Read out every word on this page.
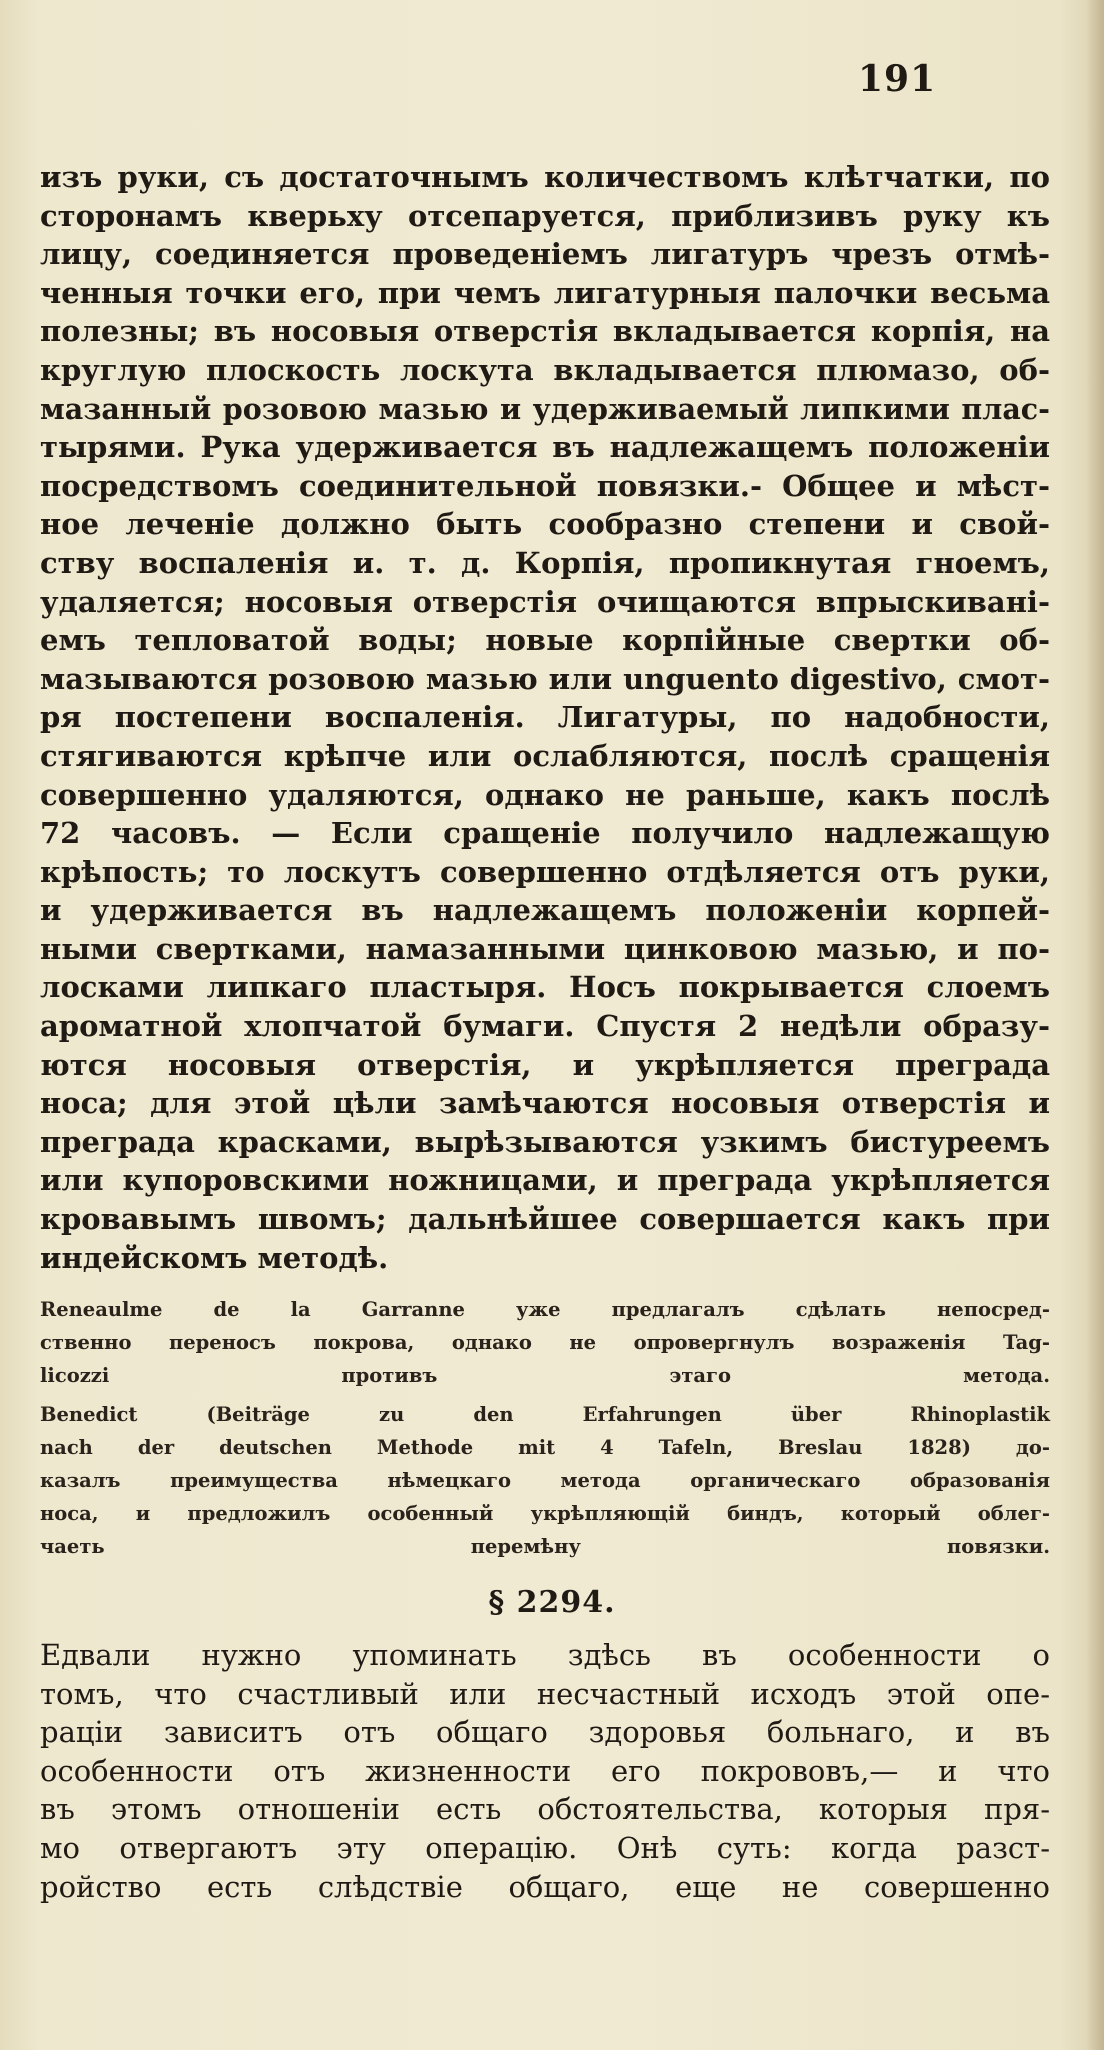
191
изъ руки, съ достаточнымъ количествомъ клѣтчатки, по
сторонамъ кверьху отсепаруется, приблизивъ руку къ
лицу, соединяется проведеніемъ лигатуръ чрезъ отмѣ-
ченныя точки его, при чемъ лигатурныя палочки весьма
полезны; въ носовыя отверстія вкладывается корпія, на
круглую плоскость лоскута вкладывается плюмазо, об-
мазанный розовою мазью и удерживаемый липкими плас-
тырями. Рука удерживается въ надлежащемъ положеніи
посредствомъ соединительной повязки.- Общее и мѣст-
ное леченіе должно быть сообразно степени и свой-
ству воспаленія и. т. д. Корпія, пропикнутая гноемъ,
удаляется; носовыя отверстія очищаются впрыскивані-
емъ тепловатой воды; новые корпійные свертки об-
мазываются розовою мазью или unguento digestivo, смот-
ря постепени воспаленія. Лигатуры, по надобности,
стягиваются крѣпче или ослабляются, послѣ сращенія
совершенно удаляются, однако не раньше, какъ послѣ
72 часовъ. — Если сращеніе получило надлежащую
крѣпость; то лоскутъ совершенно отдѣляется отъ руки,
и удерживается въ надлежащемъ положеніи корпей-
ными свертками, намазанными цинковою мазью, и по-
лосками липкаго пластыря. Носъ покрывается слоемъ
ароматной хлопчатой бумаги. Спустя 2 недѣли образу-
ются носовыя отверстія, и укрѣпляется преграда
носа; для этой цѣли замѣчаются носовыя отверстія и
преграда красками, вырѣзываются узкимъ бистуреемъ
или купоровскими ножницами, и преграда укрѣпляется
кровавымъ швомъ; дальнѣйшее совершается какъ при
индейскомъ методѣ.
Reneaulme de la Garranne уже предлагалъ сдѣлать непосред-
ственно переносъ покрова, однако не опровергнулъ возраженія Tag-
licozzi противъ этаго метода.
Benedict (Beiträge zu den Erfahrungen über Rhinoplastik
nach der deutschen Methode mit 4 Tafeln, Breslau 1828) до-
казалъ преимущества нѣмецкаго метода органическаго образованія
носа, и предложилъ особенный укрѣпляющій биндъ, который облег-
чаеть перемѣну повязки.
§ 2294.
Едвали нужно упоминать здѣсь въ особенности о
томъ, что счастливый или несчастный исходъ этой опе-
раціи зависитъ отъ общаго здоровья больнаго, и въ
особенности отъ жизненности его покрововъ,— и что
въ этомъ отношеніи есть обстоятельства, которыя пря-
мо отвергаютъ эту операцію. Онѣ суть: когда разст-
ройство есть слѣдствіе общаго, еще не совершенно
